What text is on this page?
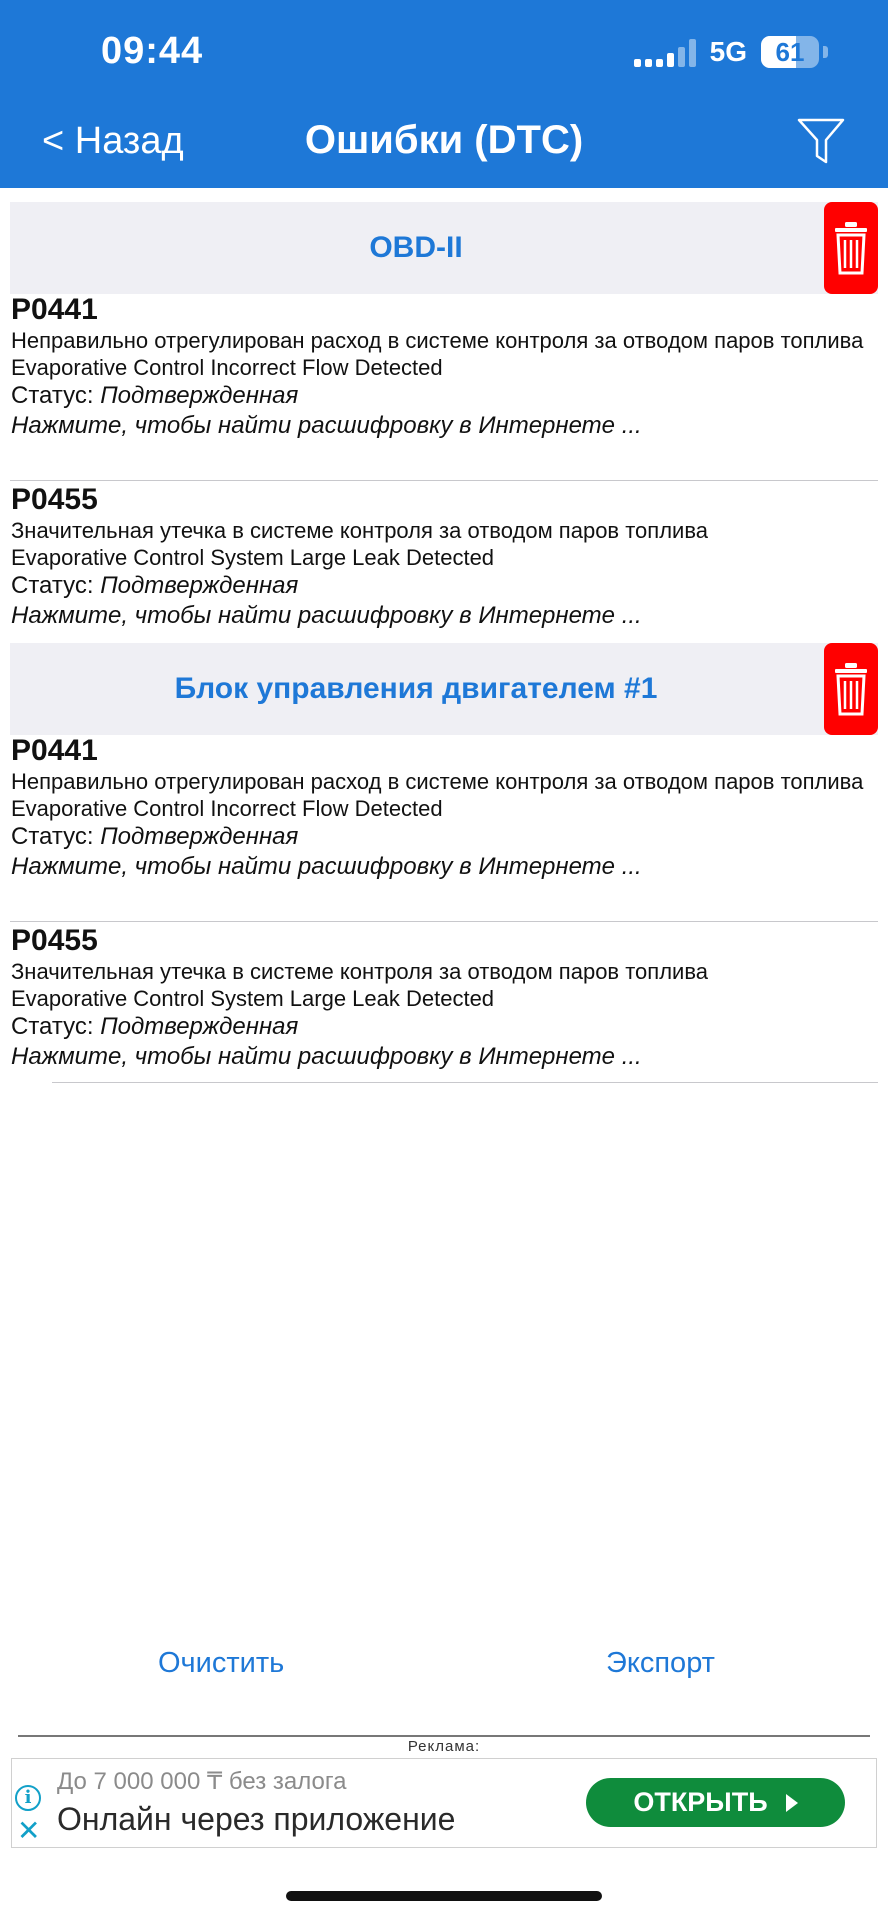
09:44	5G	61
< Назад	Ошибки (DTC)
OBD-II
P0441
Неправильно отрегулирован расход в системе контроля за отводом паров топлива
Evaporative Control Incorrect Flow Detected
Статус: Подтвержденная
Нажмите, чтобы найти расшифровку в Интернете ...
P0455
Значительная утечка в системе контроля за отводом паров топлива
Evaporative Control System Large Leak Detected
Статус: Подтвержденная
Нажмите, чтобы найти расшифровку в Интернете ...
Блок управления двигателем #1
P0441
Неправильно отрегулирован расход в системе контроля за отводом паров топлива
Evaporative Control Incorrect Flow Detected
Статус: Подтвержденная
Нажмите, чтобы найти расшифровку в Интернете ...
P0455
Значительная утечка в системе контроля за отводом паров топлива
Evaporative Control System Large Leak Detected
Статус: Подтвержденная
Нажмите, чтобы найти расшифровку в Интернете ...
Очистить	Экспорт
Реклама:
i
✕
До 7 000 000 ₸ без залога
Онлайн через приложение	ОТКРЫТЬ
